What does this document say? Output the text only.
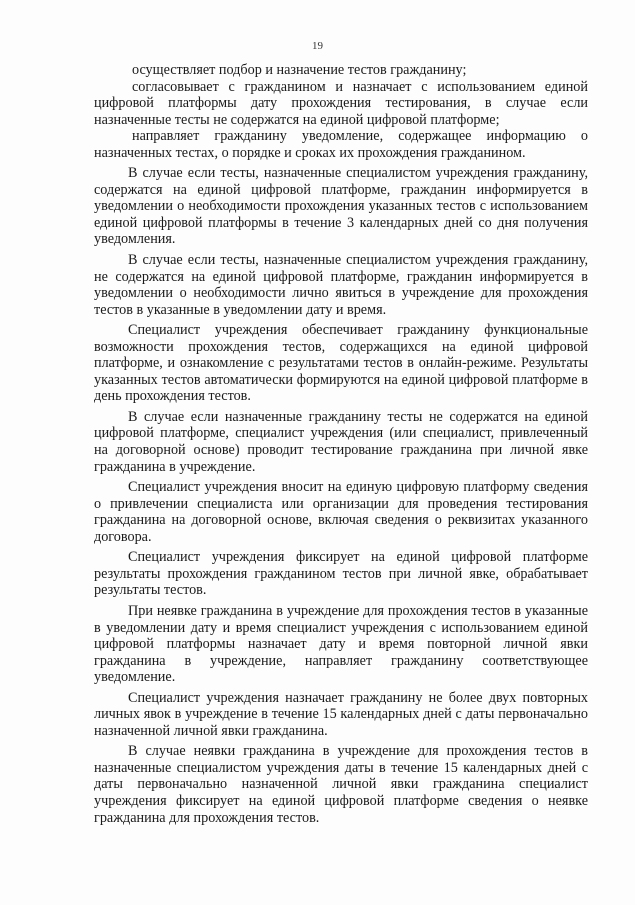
19

осуществляет подбор и назначение тестов гражданину;

согласовывает с гражданином и назначает с использованием единой цифровой платформы дату прохождения тестирования, в случае если назначенные тесты не содержатся на единой цифровой платформе;

направляет гражданину уведомление, содержащее информацию о назначенных тестах, о порядке и сроках их прохождения гражданином.

В случае если тесты, назначенные специалистом учреждения гражданину, содержатся на единой цифровой платформе, гражданин информируется в уведомлении о необходимости прохождения указанных тестов с использованием единой цифровой платформы в течение 3 календарных дней со дня получения уведомления.

В случае если тесты, назначенные специалистом учреждения гражданину, не содержатся на единой цифровой платформе, гражданин информируется в уведомлении о необходимости лично явиться в учреждение для прохождения тестов в указанные в уведомлении дату и время.

Специалист учреждения обеспечивает гражданину функциональные возможности прохождения тестов, содержащихся на единой цифровой платформе, и ознакомление с результатами тестов в онлайн-режиме. Результаты указанных тестов автоматически формируются на единой цифровой платформе в день прохождения тестов.

В случае если назначенные гражданину тесты не содержатся на единой цифровой платформе, специалист учреждения (или специалист, привлеченный на договорной основе) проводит тестирование гражданина при личной явке гражданина в учреждение.

Специалист учреждения вносит на единую цифровую платформу сведения о привлечении специалиста или организации для проведения тестирования гражданина на договорной основе, включая сведения о реквизитах указанного договора.

Специалист учреждения фиксирует на единой цифровой платформе результаты прохождения гражданином тестов при личной явке, обрабатывает результаты тестов.

При неявке гражданина в учреждение для прохождения тестов в указанные в уведомлении дату и время специалист учреждения с использованием единой цифровой платформы назначает дату и время повторной личной явки гражданина в учреждение, направляет гражданину соответствующее уведомление.

Специалист учреждения назначает гражданину не более двух повторных личных явок в учреждение в течение 15 календарных дней с даты первоначально назначенной личной явки гражданина.

В случае неявки гражданина в учреждение для прохождения тестов в назначенные специалистом учреждения даты в течение 15 календарных дней с даты первоначально назначенной личной явки гражданина специалист учреждения фиксирует на единой цифровой платформе сведения о неявке гражданина для прохождения тестов.
